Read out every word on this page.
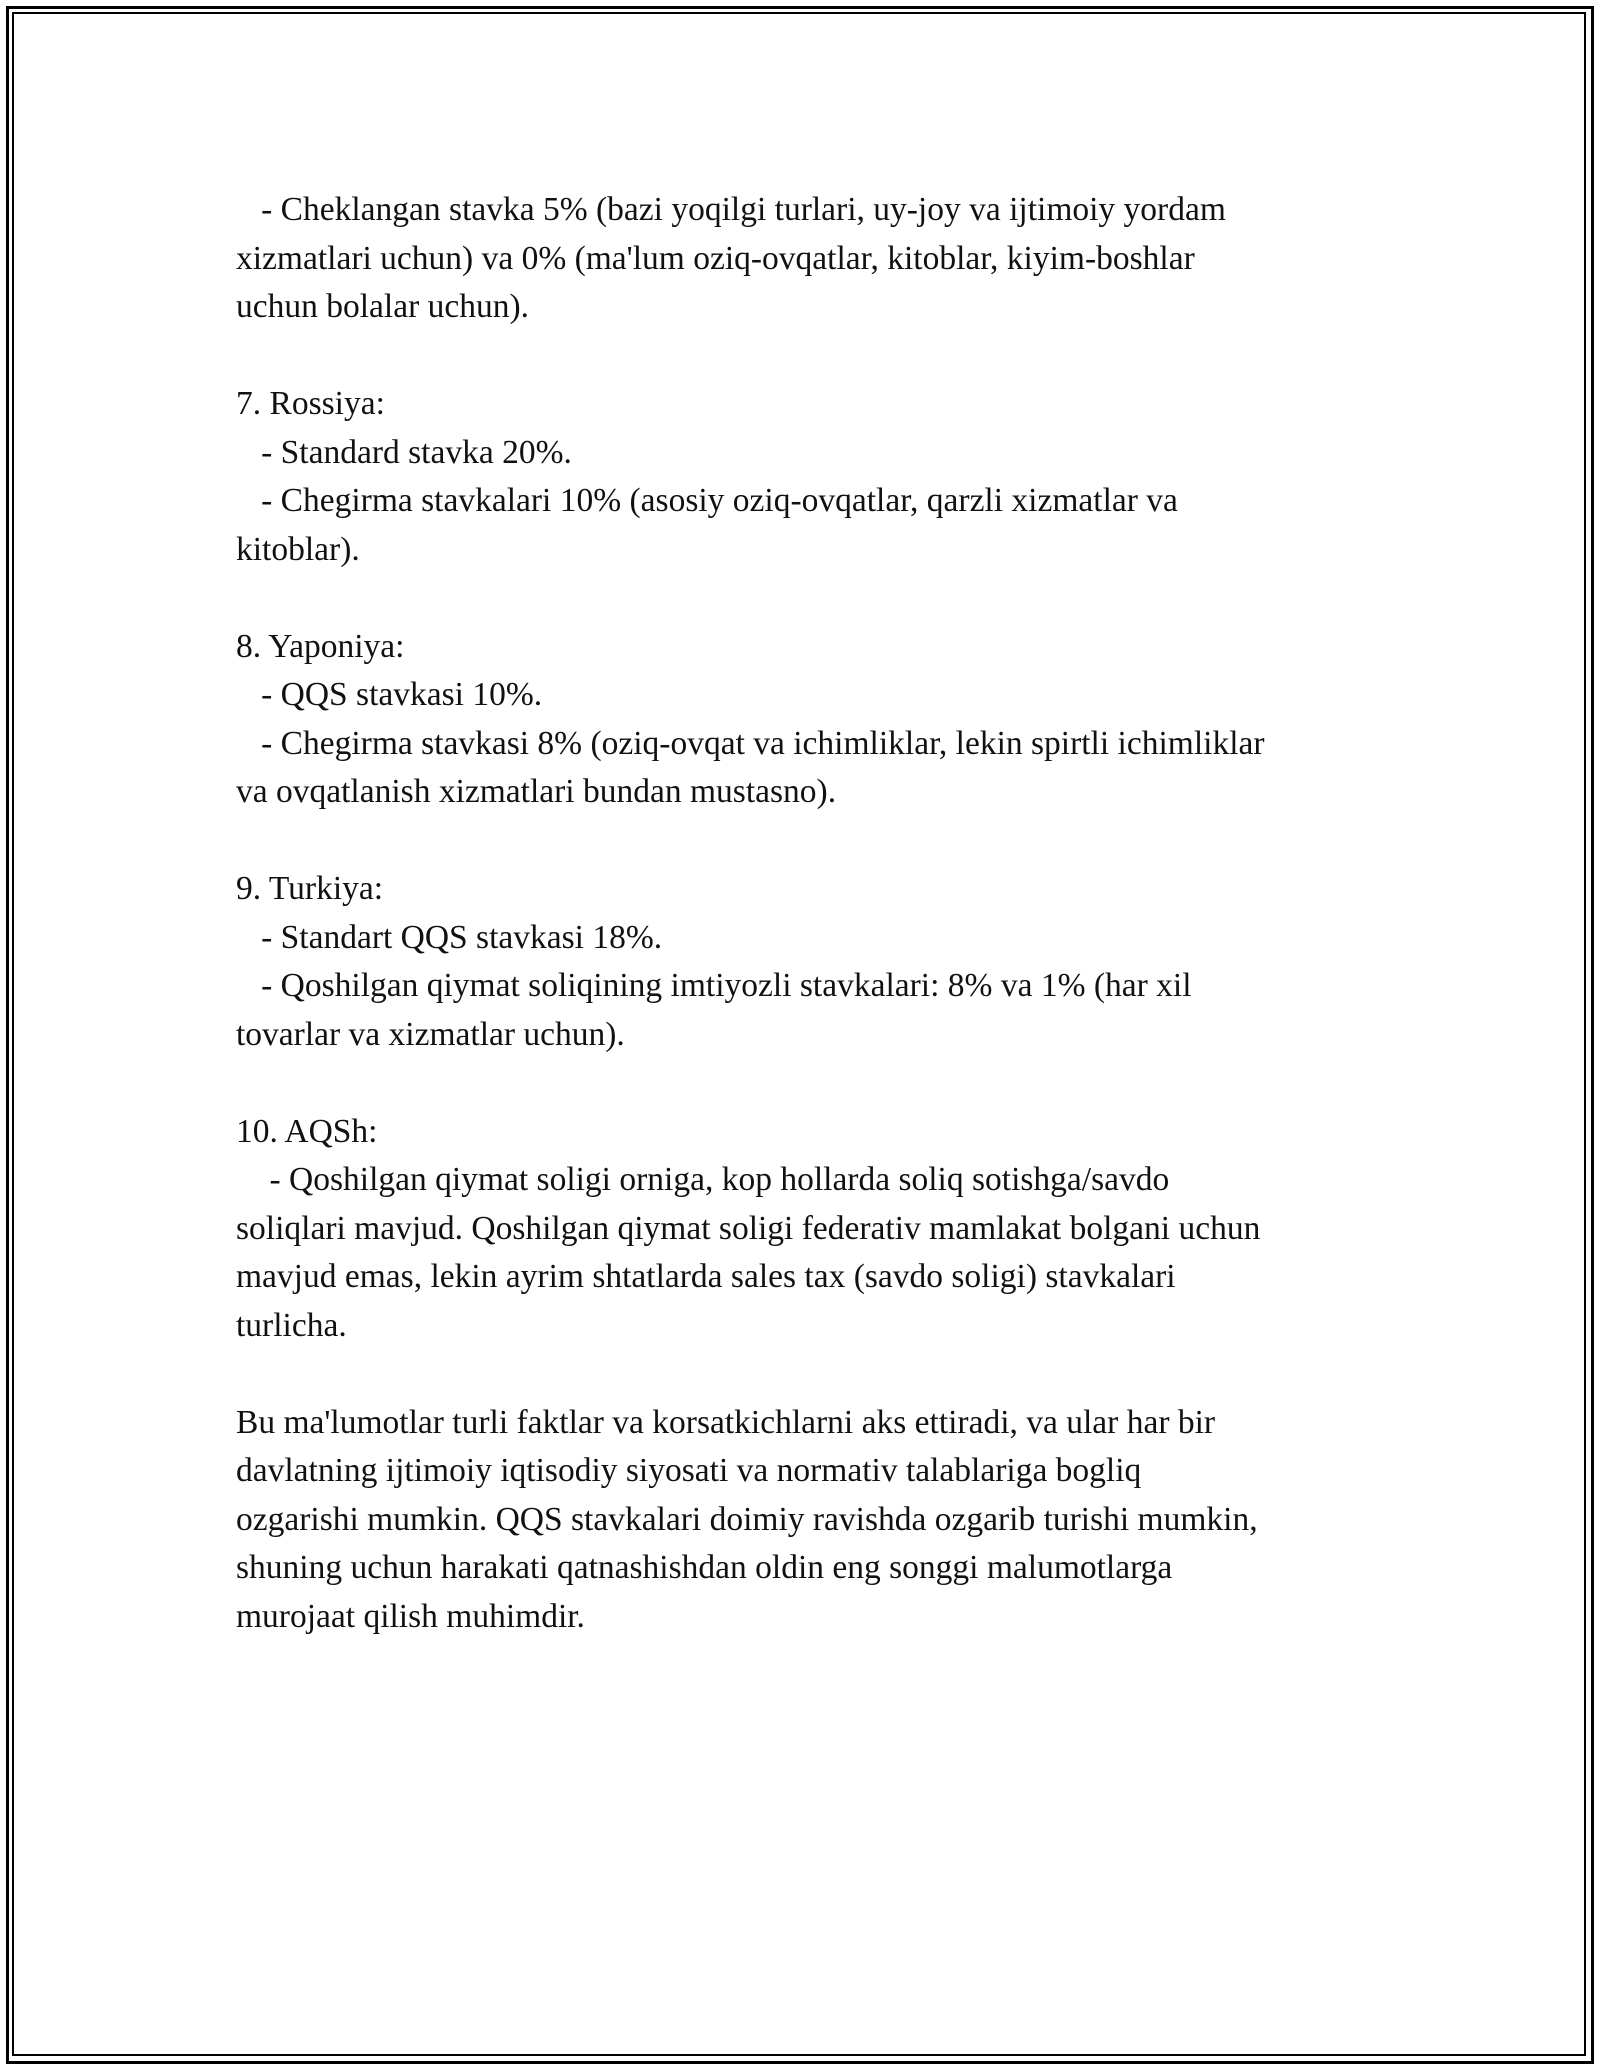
- Cheklangan stavka 5% (bazi yoqilgi turlari, uy-joy va ijtimoiy yordam
xizmatlari uchun) va 0% (ma'lum oziq-ovqatlar, kitoblar, kiyim-boshlar
uchun bolalar uchun).
7. Rossiya:
- Standard stavka 20%.
- Chegirma stavkalari 10% (asosiy oziq-ovqatlar, qarzli xizmatlar va
kitoblar).
8. Yaponiya:
- QQS stavkasi 10%.
- Chegirma stavkasi 8% (oziq-ovqat va ichimliklar, lekin spirtli ichimliklar
va ovqatlanish xizmatlari bundan mustasno).
9. Turkiya:
- Standart QQS stavkasi 18%.
- Qoshilgan qiymat soliqining imtiyozli stavkalari: 8% va 1% (har xil
tovarlar va xizmatlar uchun).
10. AQSh:
- Qoshilgan qiymat soligi orniga, kop hollarda soliq sotishga/savdo
soliqlari mavjud. Qoshilgan qiymat soligi federativ mamlakat bolgani uchun
mavjud emas, lekin ayrim shtatlarda sales tax (savdo soligi) stavkalari
turlicha.
Bu ma'lumotlar turli faktlar va korsatkichlarni aks ettiradi, va ular har bir
davlatning ijtimoiy iqtisodiy siyosati va normativ talablariga bogliq
ozgarishi mumkin. QQS stavkalari doimiy ravishda ozgarib turishi mumkin,
shuning uchun harakati qatnashishdan oldin eng songgi malumotlarga
murojaat qilish muhimdir.
